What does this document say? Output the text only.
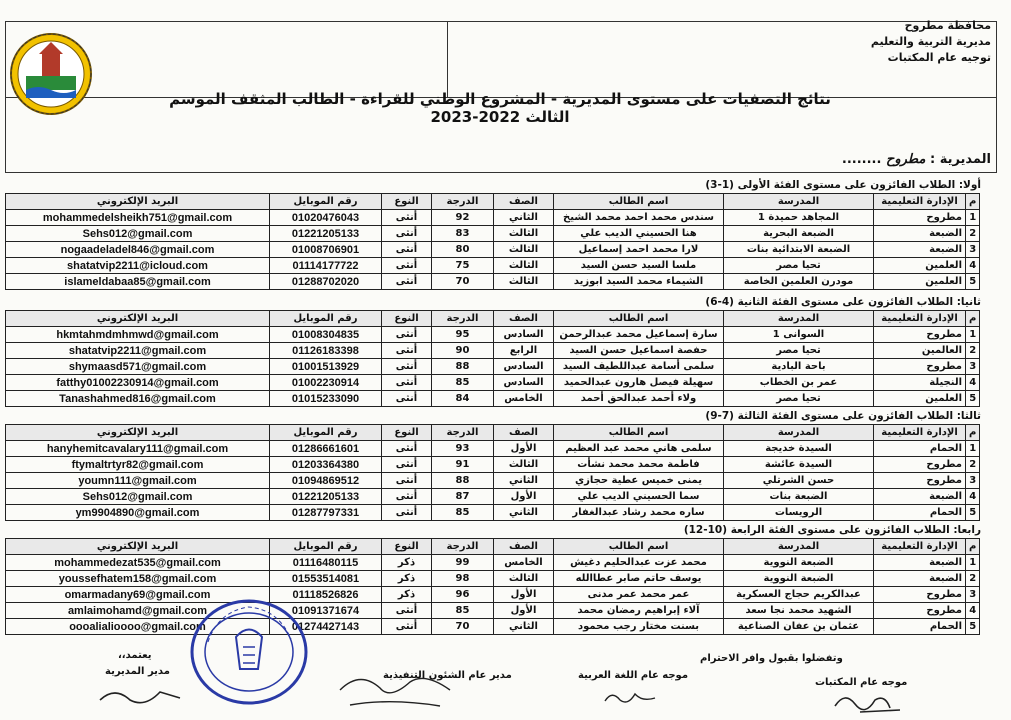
محافظة مطروح
مديرية التربية والتعليم
توجيه عام المكتبات
نتائج التصفيات على مستوى المديرية - المشروع الوطني للقراءة - الطالب المثقف الموسم الثالث 2022-2023
المديرية : مطروح ........
أولا: الطلاب الفائزون على مستوى الفئة الأولى (1-3)
م	الإدارة التعليمية	المدرسة	اسم الطالب	الصف	الدرجة	النوع	رقم الموبايل	البريد الإلكتروني
1	مطروح	المجاهد حميدة 1	سندس محمد احمد محمد الشيخ	الثاني	92	أنثى	01020476043	mohammedelsheikh751@gmail.com
2	الضبعة	الضبعة البحرية	هنا الحسيني الديب علي	الثالث	83	أنثى	01221205133	Sehs012@gmail.com
3	الضبعة	الضبعة الابتدائية بنات	لارا محمد احمد إسماعيل	الثالث	80	أنثى	01008706901	nogaadeladel846@gmail.com
4	العلمين	تحيا مصر	ملسا السيد حسن السيد	الثالث	75	أنثى	01114177722	shatatvip2211@icloud.com
5	العلمين	مودرن العلمين الخاصة	الشيماء محمد السيد ابوزيد	الثالث	70	أنثى	01288702020	islameldabaa85@gmail.com
ثانيا: الطلاب الفائزون على مستوى الفئة الثانية (4-6)
م	الإدارة التعليمية	المدرسة	اسم الطالب	الصف	الدرجة	النوع	رقم الموبايل	البريد الإلكتروني
1	مطروح	السوانى 1	سارة إسماعيل محمد عبدالرحمن	السادس	95	أنثى	01008304835	hkmtahmdmhmwd@gmail.com
2	العالمين	تحيا مصر	حفصة اسماعيل حسن السيد	الرابع	90	أنثى	01126183398	shatatvip2211@gmail.com
3	مطروح	باحة البادية	سلمى أسامة عبداللطيف السيد	السادس	88	أنثى	01001513929	shymaasd571@gmail.com
4	النجيلة	عمر بن الخطاب	سهيلة فيصل هارون عبدالحميد	السادس	85	أنثى	01002230914	fatthy01002230914@gmail.com
5	العلمين	تحيا مصر	ولاء أحمد عبدالحق أحمد	الخامس	84	أنثى	01015233090	Tanashahmed816@gmail.com
ثالثا: الطلاب الفائزون على مستوى الفئة الثالثة (7-9)
م	الإدارة التعليمية	المدرسة	اسم الطالب	الصف	الدرجة	النوع	رقم الموبايل	البريد الإلكتروني
1	الحمام	السيدة خديجة	سلمى هاني محمد عبد العظيم	الأول	93	أنثى	01286661601	hanyhemitcavalary111@gmail.com
2	مطروح	السيدة عائشة	فاطمة محمد محمد نشأت	الثالث	91	أنثى	01203364380	ftymaltrtyr82@gmail.com
3	مطروح	حسن الشرتلي	يمنى خميس عطية حجازي	الثاني	88	أنثى	01094869512	youmn111@gmail.com
4	الضبعة	الضبعة بنات	سما الحسيني الديب علي	الأول	87	أنثى	01221205133	Sehs012@gmail.com
5	الحمام	الرويسات	ساره محمد رشاد عبدالغفار	الثاني	85	أنثى	01287797331	ym9904890@gmail.com
رابعا: الطلاب الفائزون على مستوى الفئة الرابعة (10-12)
م	الإدارة التعليمية	المدرسة	اسم الطالب	الصف	الدرجة	النوع	رقم الموبايل	البريد الإلكتروني
1	الضبعة	الضبعة النووية	محمد عزت عبدالحليم دغيش	الخامس	99	ذكر	01116480115	mohammedezat535@gmail.com
2	الضبعة	الضبعة النووية	يوسف حاتم صابر عطاالله	الثالث	98	ذكر	01553514081	youssefhatem158@gmail.com
3	مطروح	عبدالكريم حجاج العسكرية	عمر محمد عمر مدنى	الأول	96	ذكر	01118526826	omarmadany69@gmail.com
4	مطروح	الشهيد محمد نجا سعد	آلاء إبراهيم رمضان محمد	الأول	85	أنثى	01091371674	amlaimohamd@gmail.com
5	الحمام	عثمان بن عفان الصناعية	بسنت مختار رجب محمود	الثاني	70	أنثى	01274427143	oooalialioooo@gmail.com
وتفضلوا بقبول وافر الاحترام
موجه عام المكتبات
موجه عام اللغة العربية
مدير عام الشئون التنفيذية
يعتمد،،
مدير المديرية
